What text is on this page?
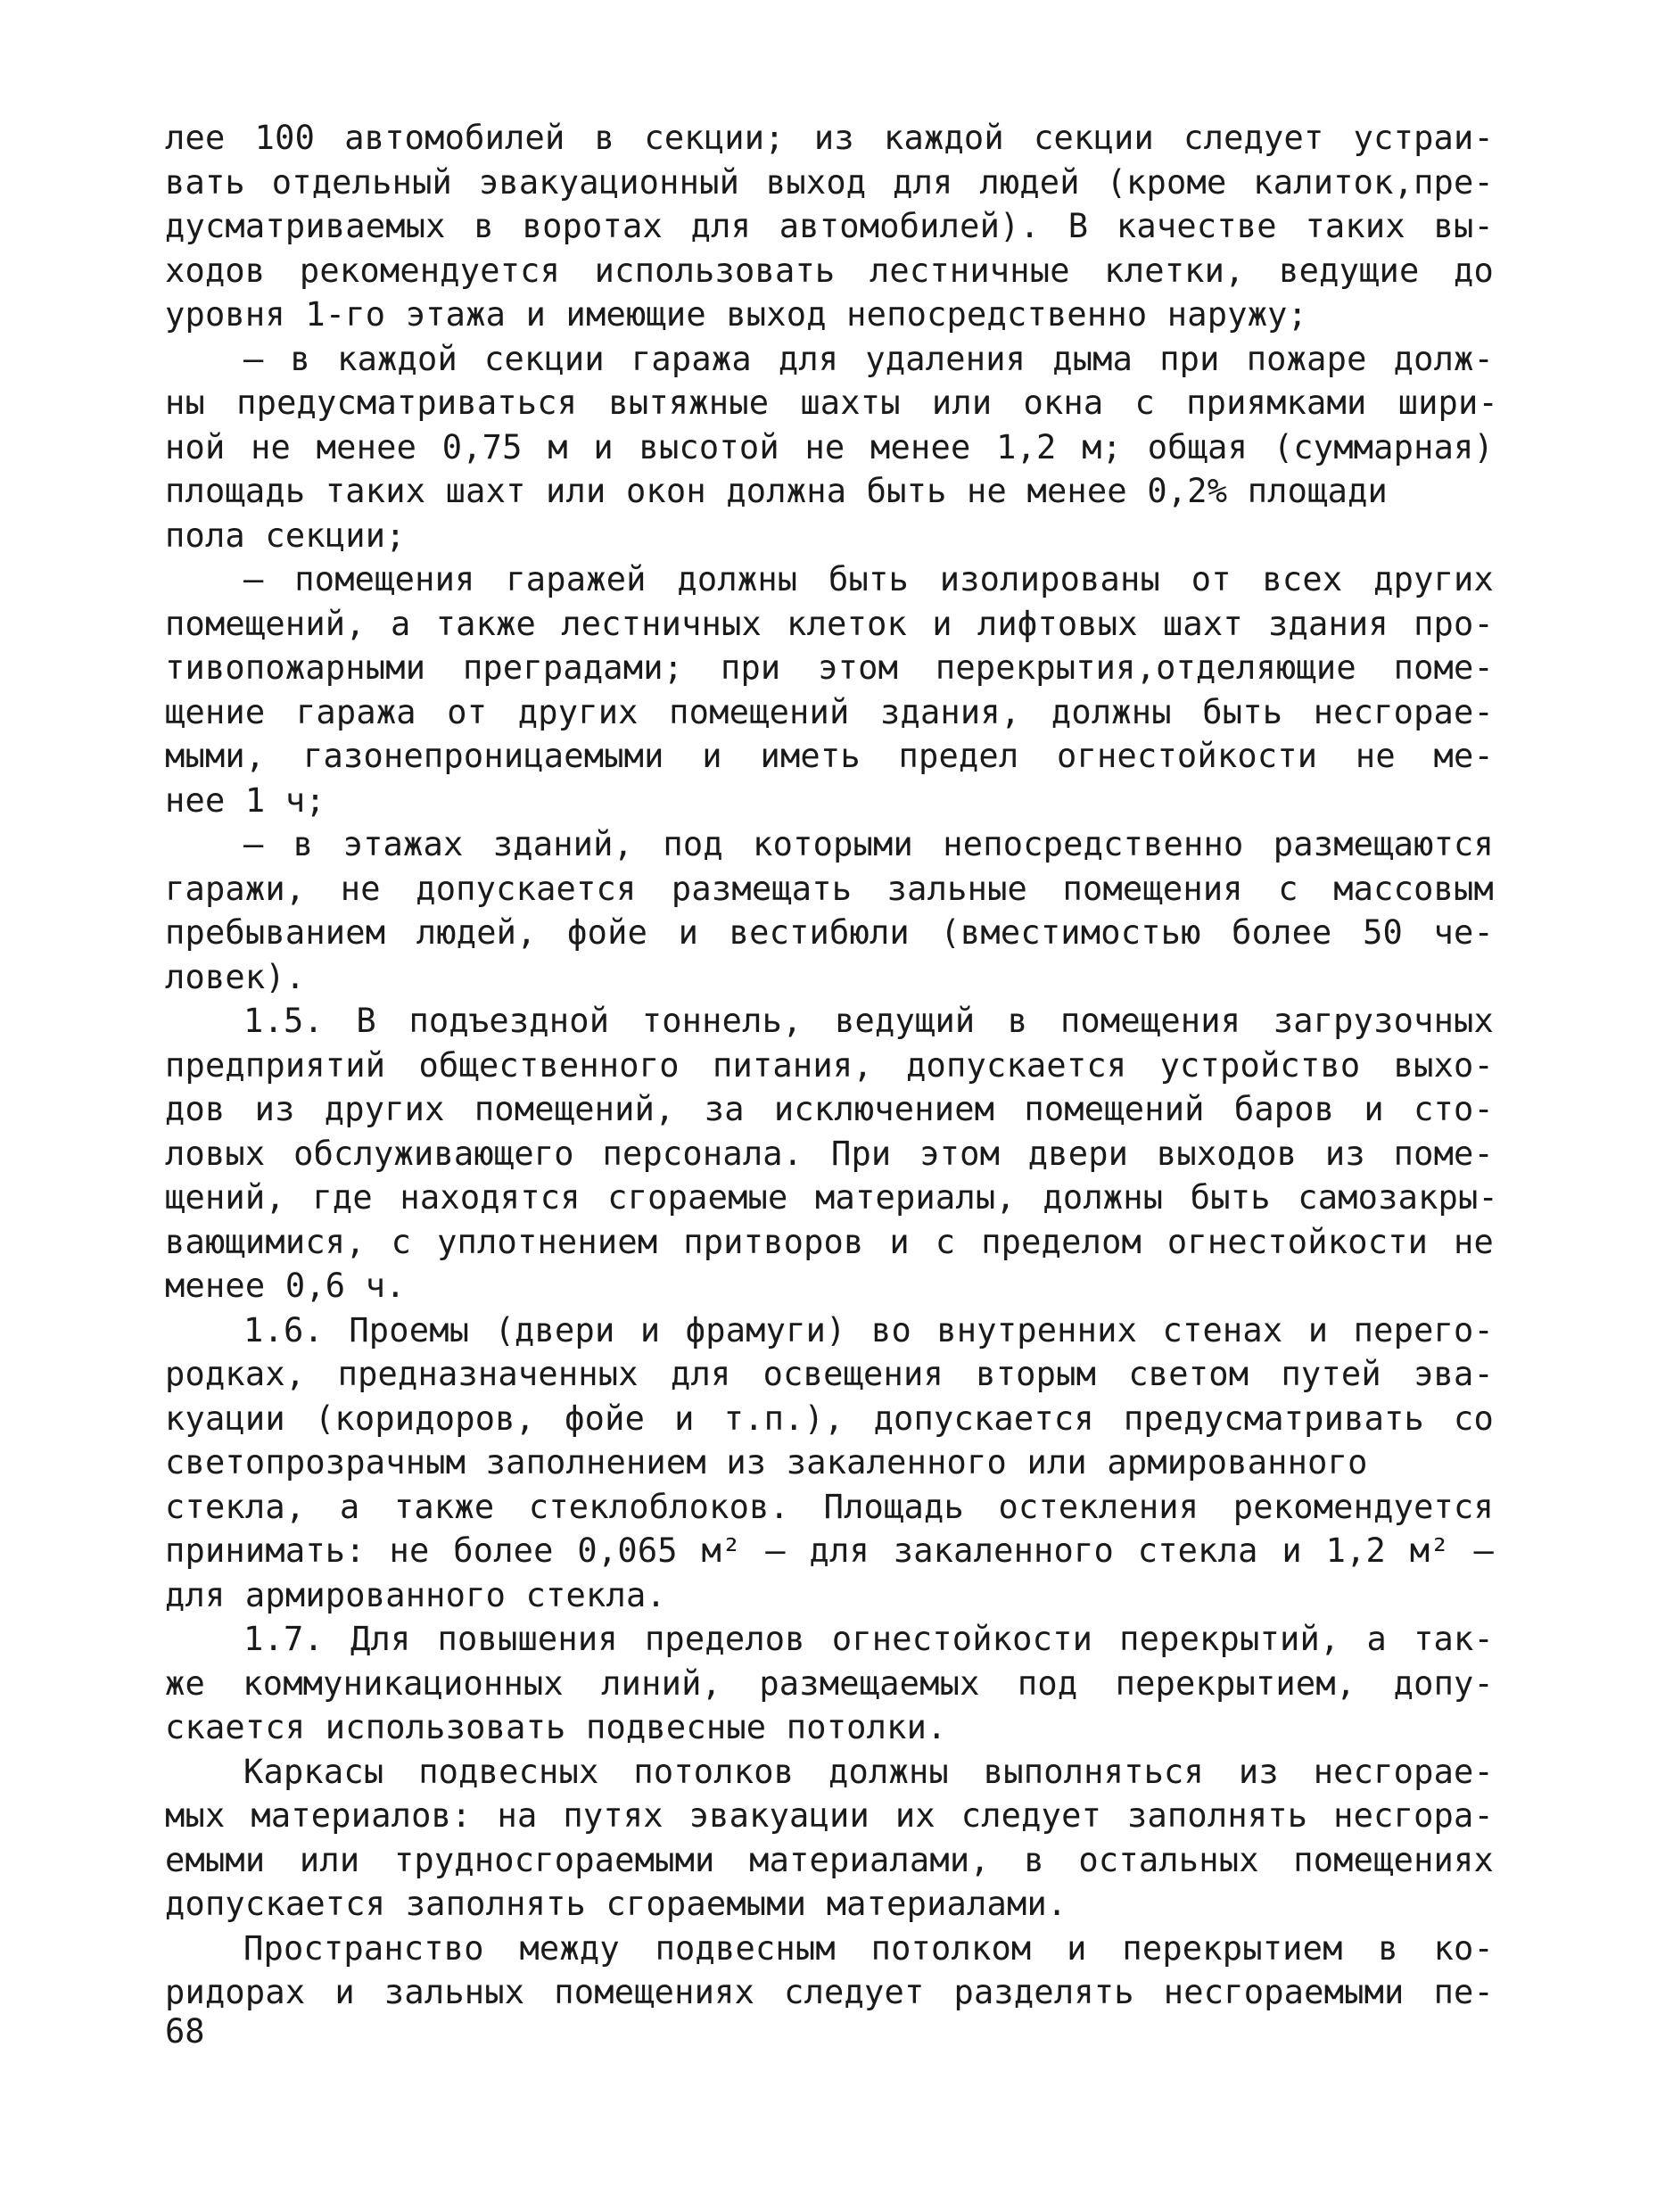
лее 100 автомобилей в секции; из каждой секции следует устраи-
вать отдельный эвакуационный выход для людей (кроме калиток,пре-
дусматриваемых в воротах для автомобилей). В качестве таких вы-
ходов рекомендуется использовать лестничные клетки, ведущие до
уровня 1-го этажа и имеющие выход непосредственно наружу;
– в каждой секции гаража для удаления дыма при пожаре долж-
ны предусматриваться вытяжные шахты или окна с приямками шири-
ной не менее 0,75 м и высотой не менее 1,2 м; общая (суммарная)
площадь таких шахт или окон должна быть не менее 0,2% площади
пола секции;
– помещения гаражей должны быть изолированы от всех других
помещений, а также лестничных клеток и лифтовых шахт здания про-
тивопожарными преградами; при этом перекрытия,отделяющие поме-
щение гаража от других помещений здания, должны быть несгорае-
мыми, газонепроницаемыми и иметь предел огнестойкости не ме-
нее 1 ч;
– в этажах зданий, под которыми непосредственно размещаются
гаражи, не допускается размещать зальные помещения с массовым
пребыванием людей, фойе и вестибюли (вместимостью более 50 че-
ловек).
1.5. В подъездной тоннель, ведущий в помещения загрузочных
предприятий общественного питания, допускается устройство выхо-
дов из других помещений, за исключением помещений баров и сто-
ловых обслуживающего персонала. При этом двери выходов из поме-
щений, где находятся сгораемые материалы, должны быть самозакры-
вающимися, с уплотнением притворов и с пределом огнестойкости не
менее 0,6 ч.
1.6. Проемы (двери и фрамуги) во внутренних стенах и перего-
родках, предназначенных для освещения вторым светом путей эва-
куации (коридоров, фойе и т.п.), допускается предусматривать со
светопрозрачным заполнением из закаленного или армированного
стекла, а также стеклоблоков. Площадь остекления рекомендуется
принимать: не более 0,065 м² – для закаленного стекла и 1,2 м² –
для армированного стекла.
1.7. Для повышения пределов огнестойкости перекрытий, а так-
же коммуникационных линий, размещаемых под перекрытием, допу-
скается использовать подвесные потолки.
Каркасы подвесных потолков должны выполняться из несгорае-
мых материалов: на путях эвакуации их следует заполнять несгора-
емыми или трудносгораемыми материалами, в остальных помещениях
допускается заполнять сгораемыми материалами.
Пространство между подвесным потолком и перекрытием в ко-
ридорах и зальных помещениях следует разделять несгораемыми пе-
68
